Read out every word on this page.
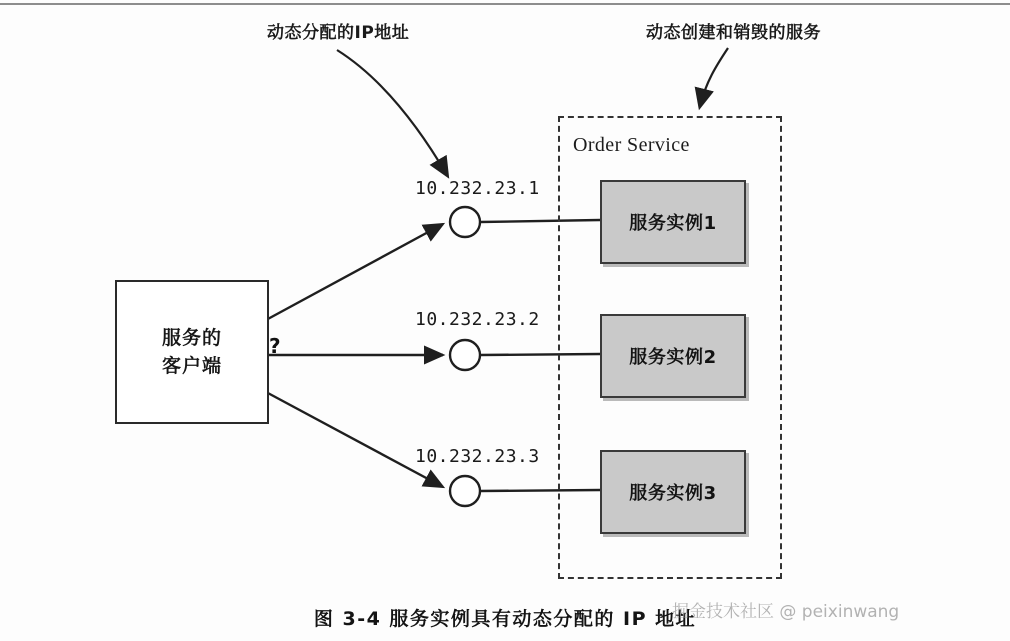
动态分配的IP地址	动态创建和销毁的服务
服务的
客户端
?
10.232.23.1
10.232.23.2
10.232.23.3
Order Service
服务实例1
服务实例2
服务实例3
图 3-4 服务实例具有动态分配的 IP 地址
掘金技术社区 @ peixinwang
